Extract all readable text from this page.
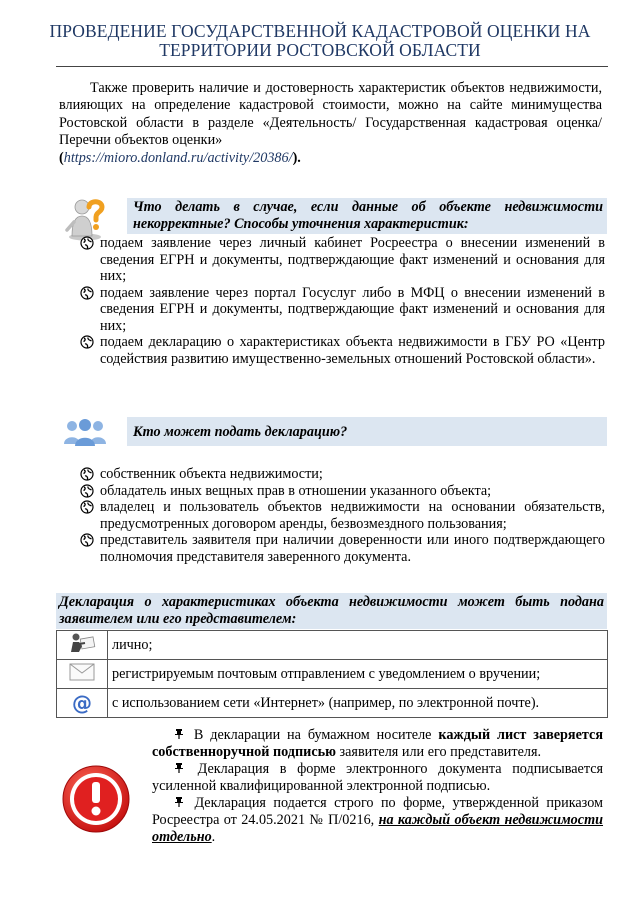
ПРОВЕДЕНИЕ ГОСУДАРСТВЕННОЙ КАДАСТРОВОЙ ОЦЕНКИ НА
ТЕРРИТОРИИ РОСТОВСКОЙ ОБЛАСТИ
Также проверить наличие и достоверность характеристик объектов недвижимости, влияющих на определение кадастровой стоимости, можно на сайте минимущества Ростовской области в разделе «Деятельность/ Государственная кадастровая оценка/ Перечни объектов оценки»
(https://mioro.donland.ru/activity/20386/).
Что делать в случае, если данные об объекте недвижимости некорректные? Способы уточнения характеристик:
подаем заявление через личный кабинет Росреестра о внесении изменений в сведения ЕГРН и документы, подтверждающие факт изменений и основания для них;
подаем заявление через портал Госуслуг либо в МФЦ о внесении изменений в сведения ЕГРН и документы, подтверждающие факт изменений и основания для них;
подаем декларацию о характеристиках объекта недвижимости в ГБУ РО «Центр содействия развитию имущественно-земельных отношений Ростовской области».
Кто может подать декларацию?
собственник объекта недвижимости;
обладатель иных вещных прав в отношении указанного объекта;
владелец и пользователь объектов недвижимости на основании обязательств, предусмотренных договором аренды, безвозмездного пользования;
представитель заявителя при наличии доверенности или иного подтверждающего полномочия представителя заверенного документа.
Декларация о характеристиках объекта недвижимости может быть подана заявителем или его представителем:
	лично;
	регистрируемым почтовым отправлением с уведомлением о вручении;
@	с использованием сети «Интернет» (например, по электронной почте).

В декларации на бумажном носителе каждый лист заверяется собственноручной подписью заявителя или его представителя.

Декларация в форме электронного документа подписывается усиленной квалифицированной электронной подписью.

Декларация подается строго по форме, утвержденной приказом Росреестра от 24.05.2021 № П/0216, на каждый объект недвижимости отдельно.
